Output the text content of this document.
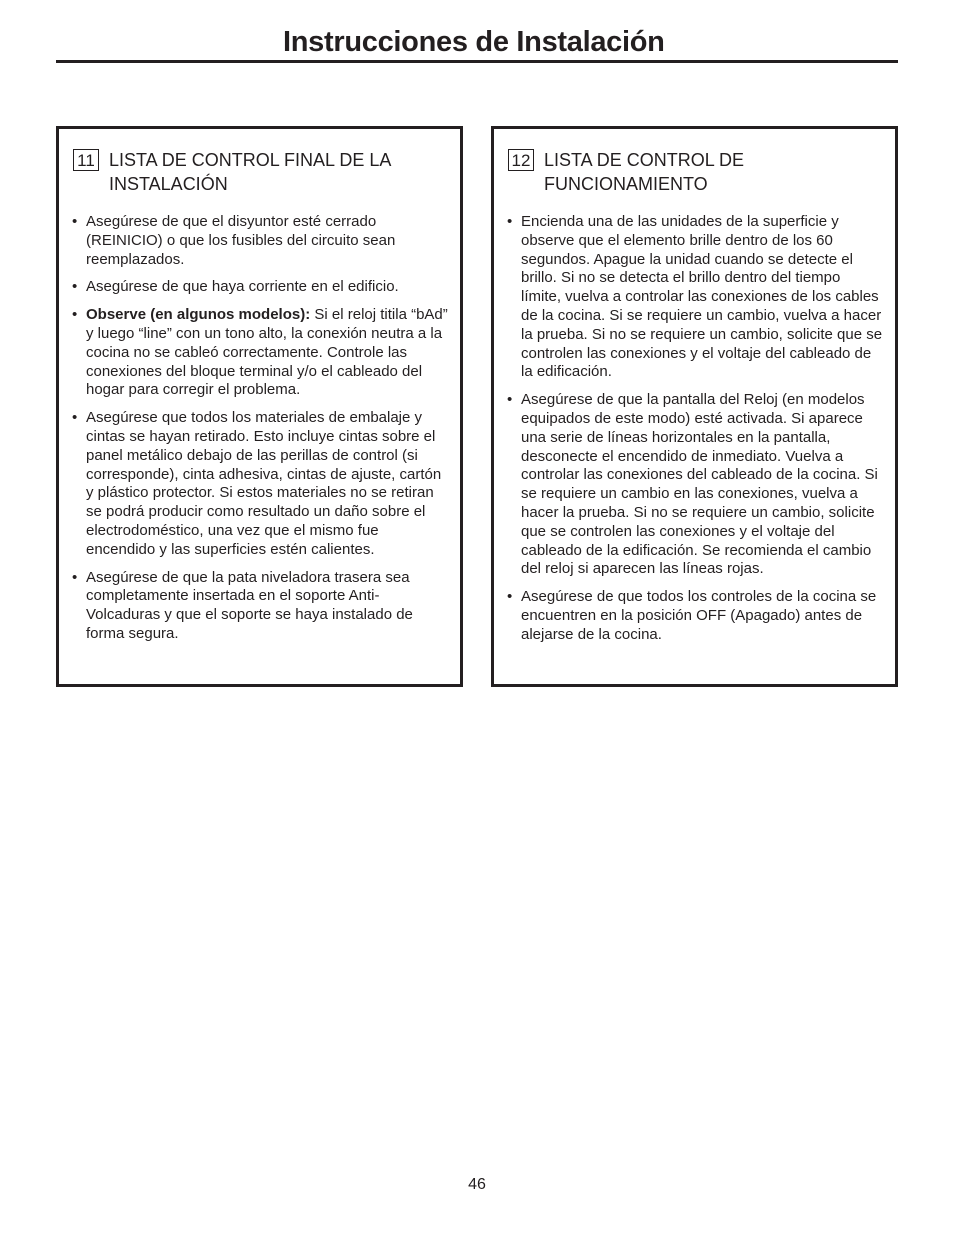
Instrucciones de Instalación
11 LISTA DE CONTROL FINAL DE LA INSTALACIÓN
• Asegúrese de que el disyuntor esté cerrado (REINICIO) o que los fusibles del circuito sean reemplazados.
• Asegúrese de que haya corriente en el edificio.
• Observe (en algunos modelos): Si el reloj titila “bAd” y luego “line” con un tono alto, la conexión neutra a la cocina no se cableó correctamente. Controle las conexiones del bloque terminal y/o el cableado del hogar para corregir el problema.
• Asegúrese que todos los materiales de embalaje y cintas se hayan retirado. Esto incluye cintas sobre el panel metálico debajo de las perillas de control (si corresponde), cinta adhesiva, cintas de ajuste, cartón y plástico protector. Si estos materiales no se retiran se podrá producir como resultado un daño sobre el electrodoméstico, una vez que el mismo fue encendido y las superficies estén calientes.
• Asegúrese de que la pata niveladora trasera sea completamente insertada en el soporte Anti-Volcaduras y que el soporte se haya instalado de forma segura.
12 LISTA DE CONTROL DE FUNCIONAMIENTO
• Encienda una de las unidades de la superficie y observe que el elemento brille dentro de los 60 segundos. Apague la unidad cuando se detecte el brillo. Si no se detecta el brillo dentro del tiempo límite, vuelva a controlar las conexiones de los cables de la cocina. Si se requiere un cambio, vuelva a hacer la prueba. Si no se requiere un cambio, solicite que se controlen las conexiones y el voltaje del cableado de la edificación.
• Asegúrese de que la pantalla del Reloj (en modelos equipados de este modo) esté activada. Si aparece una serie de líneas horizontales en la pantalla, desconecte el encendido de inmediato. Vuelva a controlar las conexiones del cableado de la cocina. Si se requiere un cambio en las conexiones, vuelva a hacer la prueba. Si no se requiere un cambio, solicite que se controlen las conexiones y el voltaje del cableado de la edificación. Se recomienda el cambio del reloj si aparecen las líneas rojas.
• Asegúrese de que todos los controles de la cocina se encuentren en la posición OFF (Apagado) antes de alejarse de la cocina.
46
